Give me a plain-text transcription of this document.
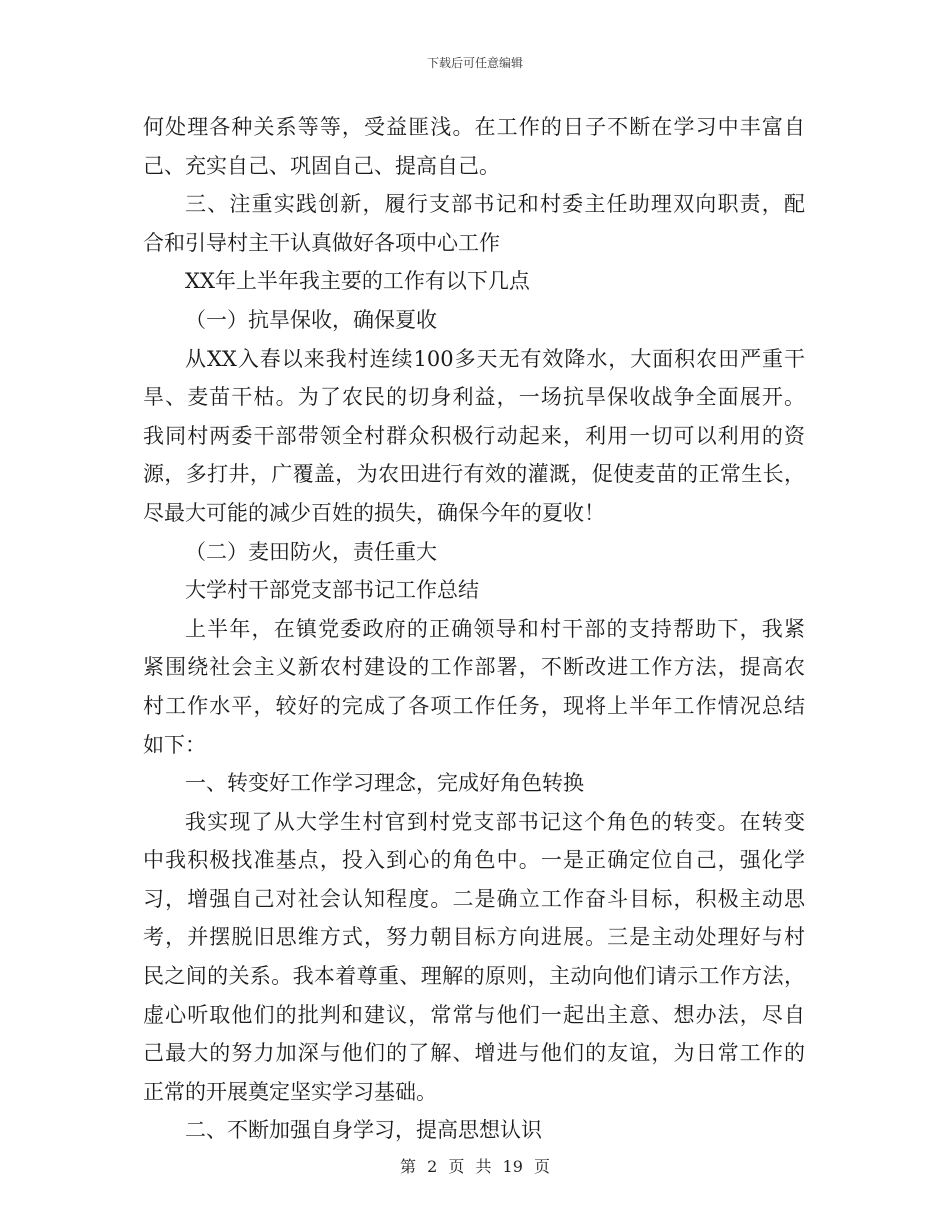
下载后可任意编辑
何处理各种关系等等，受益匪浅。在工作的日子不断在学习中丰富自
己、充实自己、巩固自己、提高自己。
三、注重实践创新，履行支部书记和村委主任助理双向职责，配
合和引导村主干认真做好各项中心工作
XX年上半年我主要的工作有以下几点
（一）抗旱保收，确保夏收
从XX入春以来我村连续100多天无有效降水，大面积农田严重干
旱、麦苗干枯。为了农民的切身利益，一场抗旱保收战争全面展开。
我同村两委干部带领全村群众积极行动起来，利用一切可以利用的资
源，多打井，广覆盖，为农田进行有效的灌溉，促使麦苗的正常生长，
尽最大可能的减少百姓的损失，确保今年的夏收！
（二）麦田防火，责任重大
大学村干部党支部书记工作总结
上半年，在镇党委政府的正确领导和村干部的支持帮助下，我紧
紧围绕社会主义新农村建设的工作部署，不断改进工作方法，提高农
村工作水平，较好的完成了各项工作任务，现将上半年工作情况总结
如下：
一、转变好工作学习理念，完成好角色转换
我实现了从大学生村官到村党支部书记这个角色的转变。在转变
中我积极找准基点，投入到心的角色中。一是正确定位自己，强化学
习，增强自己对社会认知程度。二是确立工作奋斗目标，积极主动思
考，并摆脱旧思维方式，努力朝目标方向进展。三是主动处理好与村
民之间的关系。我本着尊重、理解的原则，主动向他们请示工作方法，
虚心听取他们的批判和建议，常常与他们一起出主意、想办法，尽自
己最大的努力加深与他们的了解、增进与他们的友谊，为日常工作的
正常的开展奠定坚实学习基础。
二、不断加强自身学习，提高思想认识
第 2 页 共 19 页
